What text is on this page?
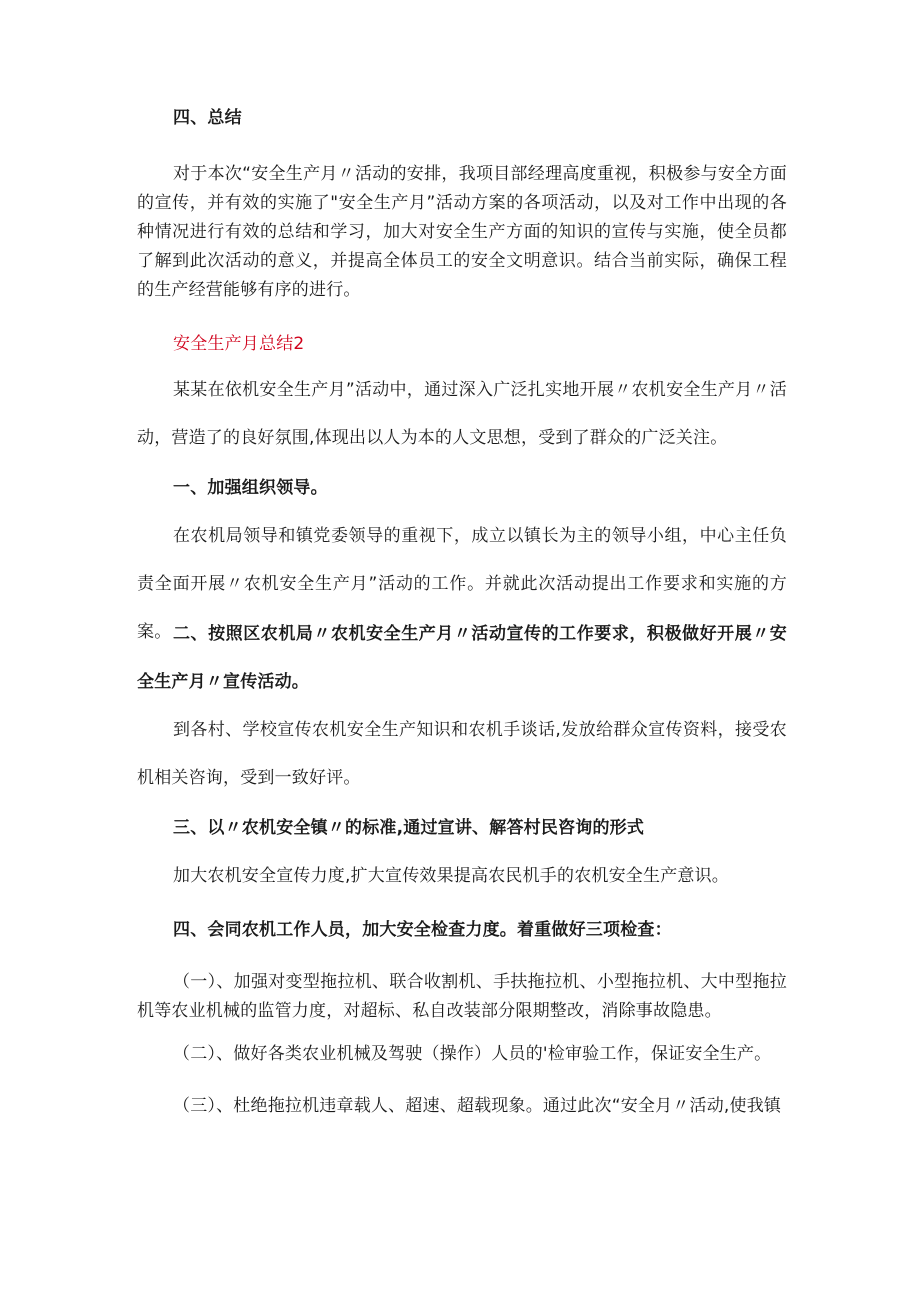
四、总结

对于本次“安全生产月〃活动的安排，我项目部经理高度重视，积极参与安全方面的宣传，并有效的实施了"安全生产月”活动方案的各项活动，以及对工作中出现的各种情况进行有效的总结和学习，加大对安全生产方面的知识的宣传与实施，使全员都了解到此次活动的意义，并提高全体员工的安全文明意识。结合当前实际，确保工程的生产经营能够有序的进行。

安全生产月总结2

某某在依机安全生产月”活动中，通过深入广泛扎实地开展〃农机安全生产月〃活动，营造了的良好氛围,体现出以人为本的人文思想，受到了群众的广泛关注。

一、加强组织领导。

在农机局领导和镇党委领导的重视下，成立以镇长为主的领导小组，中心主任负责全面开展〃农机安全生产月”活动的工作。并就此次活动提出工作要求和实施的方案。 二、按照区农机局〃农机安全生产月〃活动宣传的工作要求，积极做好开展〃安全生产月〃宣传活动。

到各村、学校宣传农机安全生产知识和农机手谈话,发放给群众宣传资料，接受农机相关咨询，受到一致好评。

三、以〃农机安全镇〃的标准,通过宣讲、解答村民咨询的形式

加大农机安全宣传力度,扩大宣传效果提高农民机手的农机安全生产意识。

四、会同农机工作人员，加大安全检查力度。着重做好三项检查：

（一）、加强对变型拖拉机、联合收割机、手扶拖拉机、小型拖拉机、大中型拖拉机等农业机械的监管力度，对超标、私自改装部分限期整改，消除事故隐患。

（二）、做好各类农业机械及驾驶（操作）人员的'检审验工作，保证安全生产。

（三）、杜绝拖拉机违章载人、超速、超载现象。通过此次“安全月〃活动,使我镇
